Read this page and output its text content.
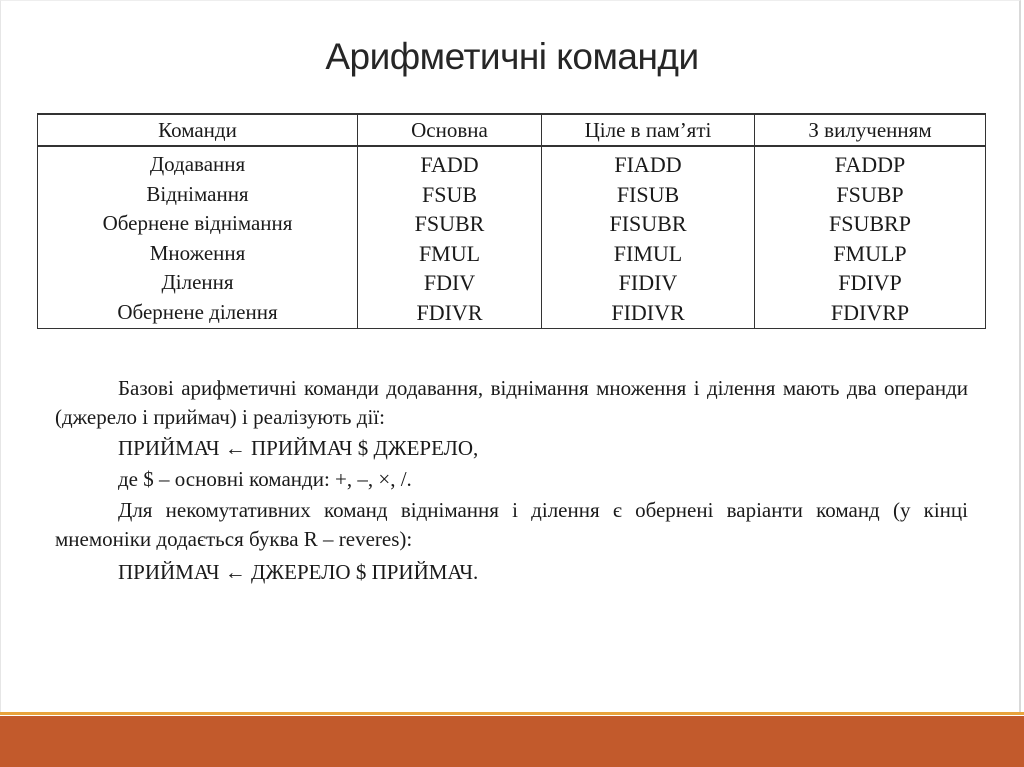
Арифметичні команди
Команди	Основна	Ціле в пам’яті	З вилученням
Додавання	FADD	FIADD	FADDP
Віднімання	FSUB	FISUB	FSUBP
Обернене віднімання	FSUBR	FISUBR	FSUBRP
Множення	FMUL	FIMUL	FMULP
Ділення	FDIV	FIDIV	FDIVP
Обернене ділення	FDIVR	FIDIVR	FDIVRP

Базові арифметичні команди додавання, віднімання множення і ділення мають два операнди (джерело і приймач) і реалізують дії:

ПРИЙМАЧ ← ПРИЙМАЧ $ ДЖЕРЕЛО,

де $ – основні команди: +, –, ×, /.

Для некомутативних команд віднімання і ділення є обернені варіанти команд (у кінці мнемоніки додається буква R – reveres):

ПРИЙМАЧ ← ДЖЕРЕЛО $ ПРИЙМАЧ.
